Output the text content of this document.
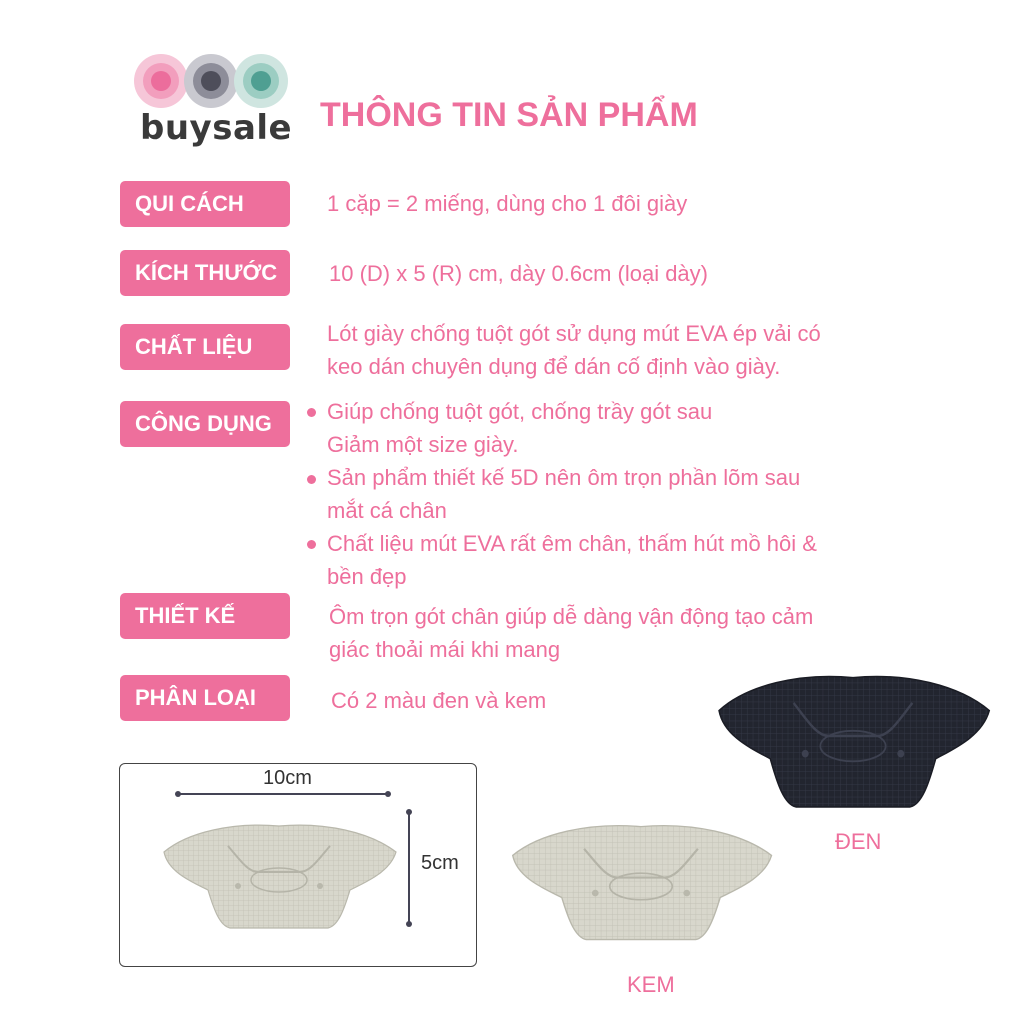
buysale THÔNG TIN SẢN PHẨM
QUI CÁCH	1 cặp = 2 miếng, dùng cho 1 đôi giày
KÍCH THƯỚC	10 (D) x 5 (R) cm, dày 0.6cm (loại dày)
CHẤT LIỆU
Lót giày chống tuột gót sử dụng mút EVA ép vải có
keo dán chuyên dụng để dán cố định vào giày.
CÔNG DỤNG	Giúp chống tuột gót, chống trầy gót sau
Giảm một size giày.
Sản phẩm thiết kế 5D nên ôm trọn phần lõm sau
mắt cá chân
Chất liệu mút EVA rất êm chân, thấm hút mồ hôi &
bền đẹp
THIẾT KẾ	Ôm trọn gót chân giúp dễ dàng vận động tạo cảm
giác thoải mái khi mang
PHÂN LOẠI	Có 2 màu đen và kem
10cm
5cm
KEM
ĐEN
